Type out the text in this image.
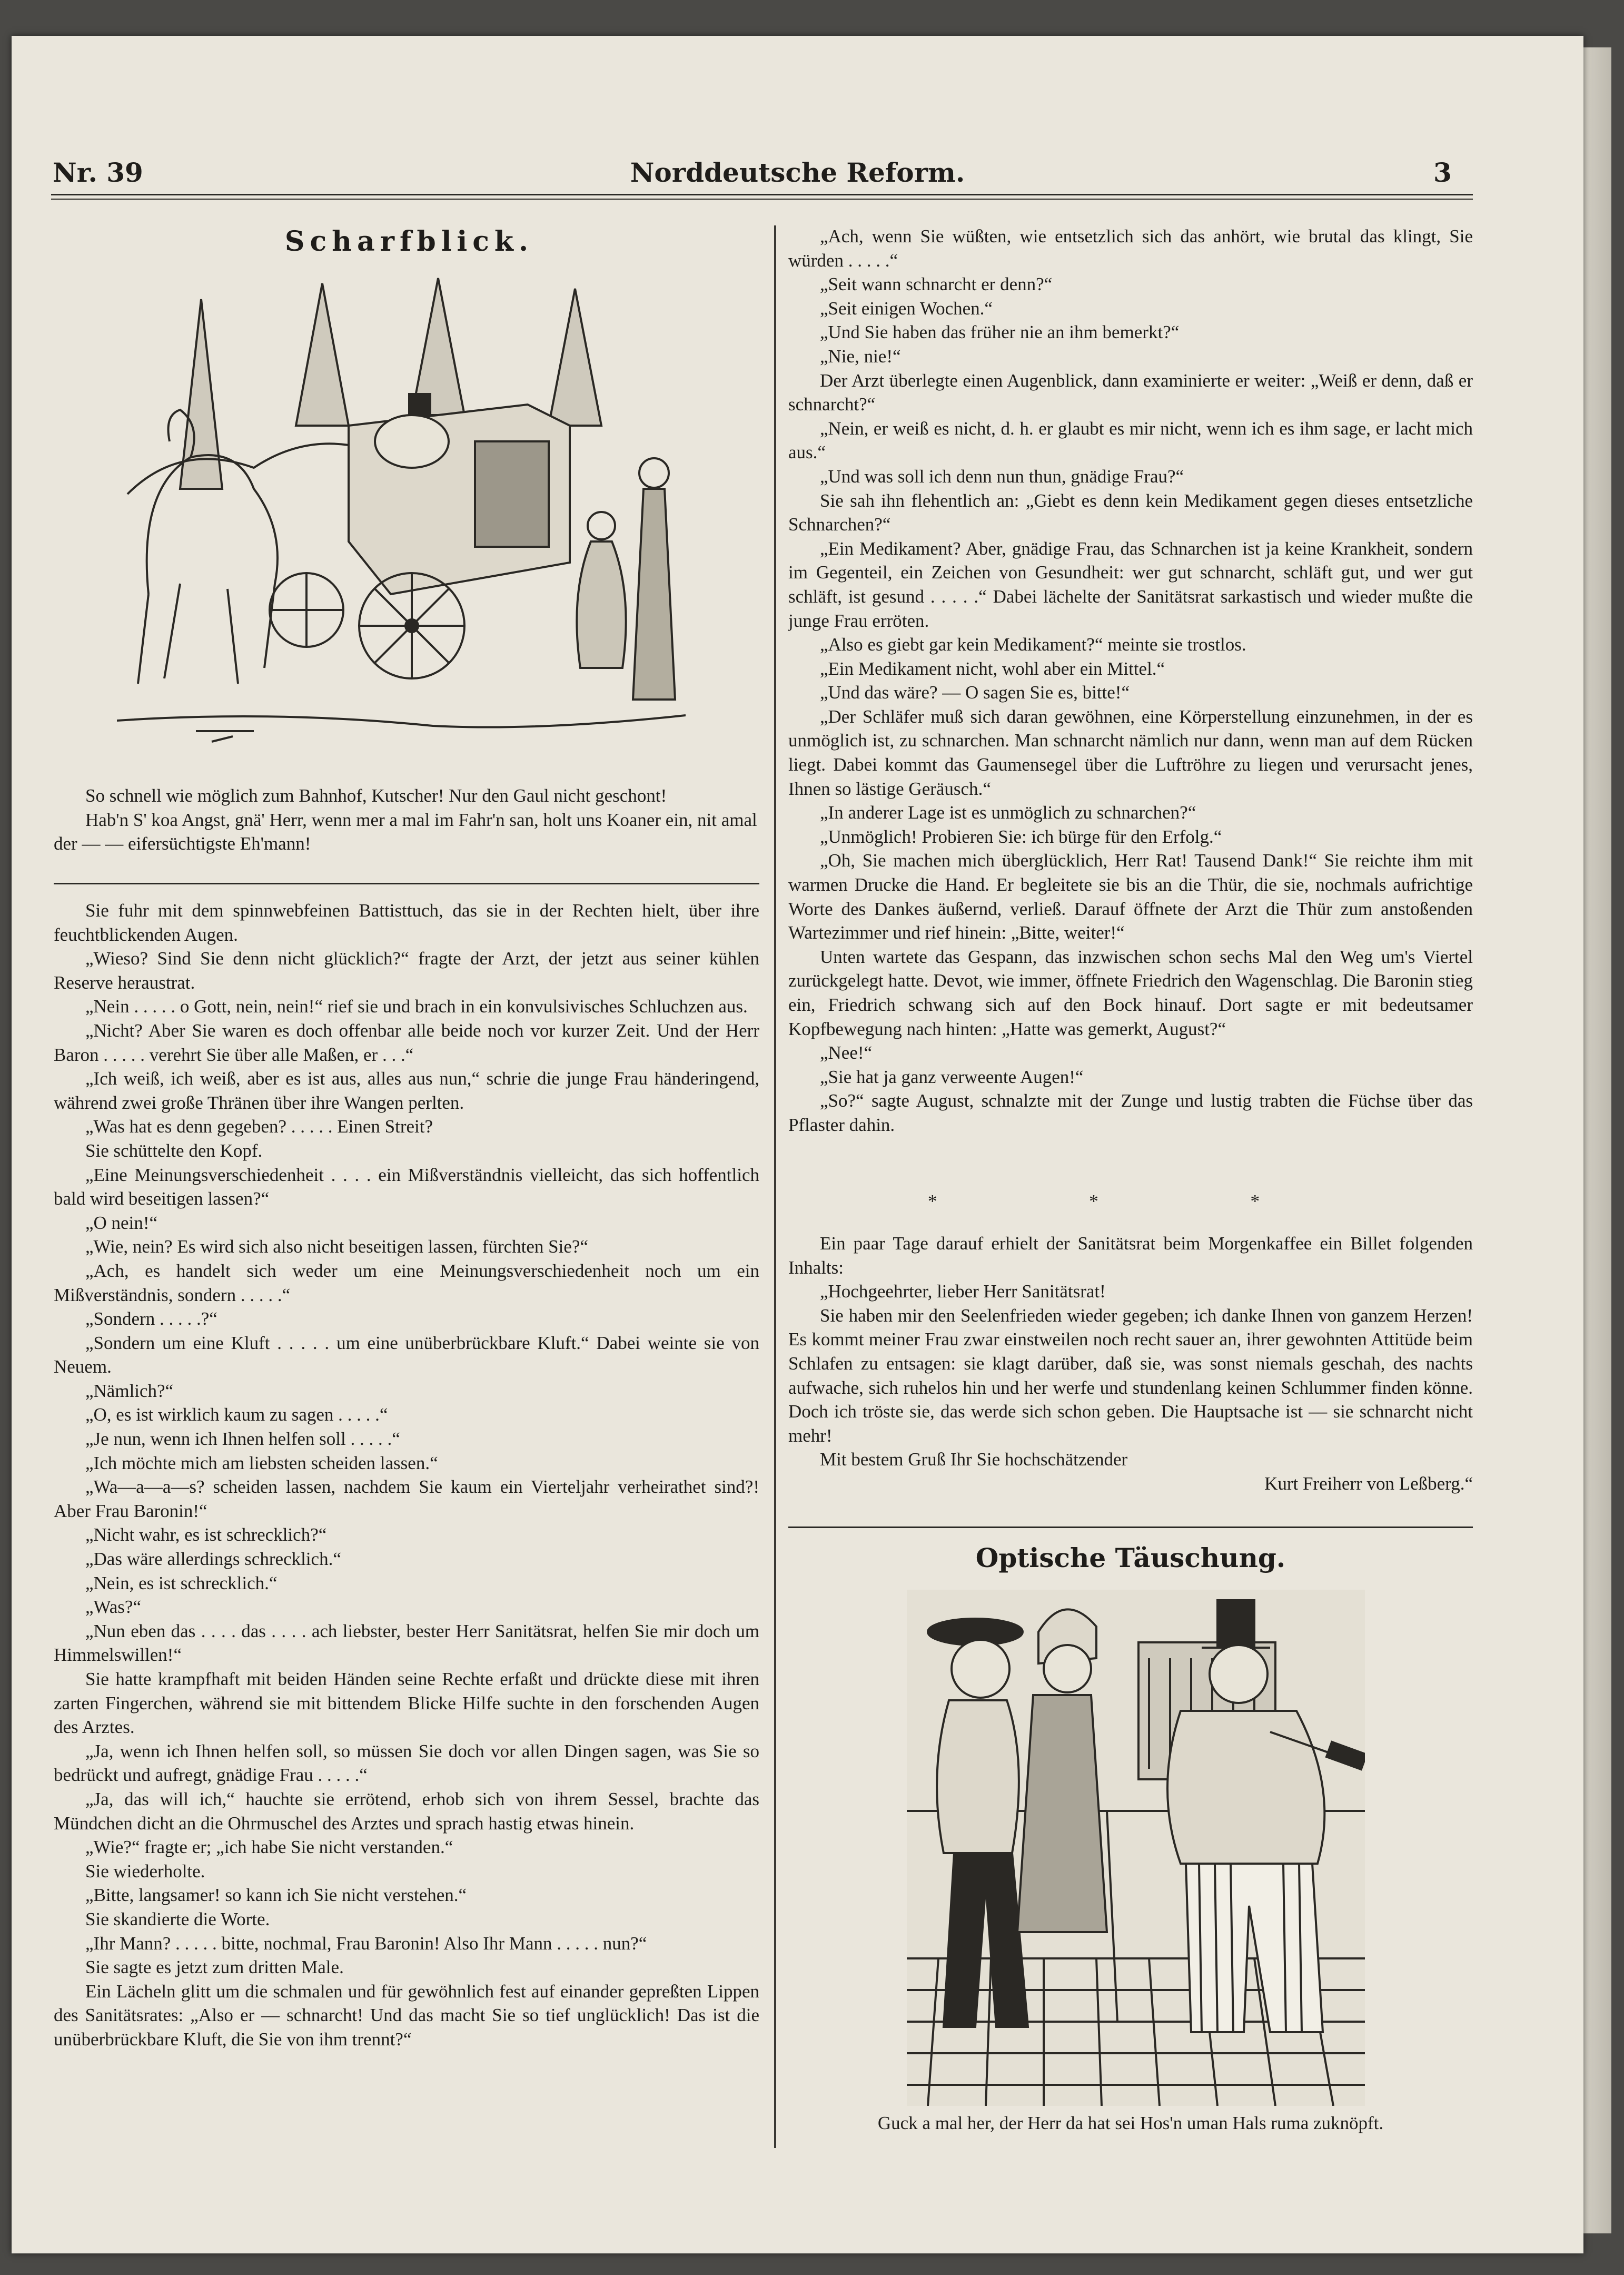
Nr. 39	Norddeutsche Reform.	3
Scharfblick.

So schnell wie möglich zum Bahnhof, Kutscher! Nur den Gaul nicht geschont!

Hab'n S' koa Angst, gnä' Herr, wenn mer a mal im Fahr'n san, holt uns Koaner ein, nit amal der — — eifersüchtigste Eh'mann!

Sie fuhr mit dem spinnwebfeinen Battisttuch, das sie in der Rechten hielt, über ihre feuchtblickenden Augen.

„Wieso? Sind Sie denn nicht glücklich?“ fragte der Arzt, der jetzt aus seiner kühlen Reserve heraustrat.

„Nein . . . . . o Gott, nein, nein!“ rief sie und brach in ein konvulsivisches Schluchzen aus.

„Nicht? Aber Sie waren es doch offenbar alle beide noch vor kurzer Zeit. Und der Herr Baron . . . . . verehrt Sie über alle Maßen, er . . .“

„Ich weiß, ich weiß, aber es ist aus, alles aus nun,“ schrie die junge Frau händeringend, während zwei große Thränen über ihre Wangen perlten.

„Was hat es denn gegeben? . . . . . Einen Streit?

Sie schüttelte den Kopf.

„Eine Meinungsverschiedenheit . . . . ein Mißverständnis vielleicht, das sich hoffentlich bald wird beseitigen lassen?“

„O nein!“

„Wie, nein? Es wird sich also nicht beseitigen lassen, fürchten Sie?“

„Ach, es handelt sich weder um eine Meinungsverschiedenheit noch um ein Mißverständnis, sondern . . . . .“

„Sondern . . . . .?“

„Sondern um eine Kluft . . . . . um eine unüberbrückbare Kluft.“ Dabei weinte sie von Neuem.

„Nämlich?“

„O, es ist wirklich kaum zu sagen . . . . .“

„Je nun, wenn ich Ihnen helfen soll . . . . .“

„Ich möchte mich am liebsten scheiden lassen.“

„Wa—a—a—s? scheiden lassen, nachdem Sie kaum ein Vierteljahr verheirathet sind?! Aber Frau Baronin!“

„Nicht wahr, es ist schrecklich?“

„Das wäre allerdings schrecklich.“

„Nein, es ist schrecklich.“

„Was?“

„Nun eben das . . . . das . . . . ach liebster, bester Herr Sanitätsrat, helfen Sie mir doch um Himmelswillen!“

Sie hatte krampfhaft mit beiden Händen seine Rechte erfaßt und drückte diese mit ihren zarten Fingerchen, während sie mit bittendem Blicke Hilfe suchte in den forschenden Augen des Arztes.

„Ja, wenn ich Ihnen helfen soll, so müssen Sie doch vor allen Dingen sagen, was Sie so bedrückt und aufregt, gnädige Frau . . . . .“

„Ja, das will ich,“ hauchte sie errötend, erhob sich von ihrem Sessel, brachte das Mündchen dicht an die Ohrmuschel des Arztes und sprach hastig etwas hinein.

„Wie?“ fragte er; „ich habe Sie nicht verstanden.“

Sie wiederholte.

„Bitte, langsamer! so kann ich Sie nicht verstehen.“

Sie skandierte die Worte.

„Ihr Mann? . . . . . bitte, nochmal, Frau Baronin! Also Ihr Mann . . . . . nun?“

Sie sagte es jetzt zum dritten Male.

Ein Lächeln glitt um die schmalen und für gewöhnlich fest auf einander gepreßten Lippen des Sanitätsrates: „Also er — schnarcht! Und das macht Sie so tief unglücklich! Das ist die unüberbrückbare Kluft, die Sie von ihm trennt?“

„Ach, wenn Sie wüßten, wie entsetzlich sich das anhört, wie brutal das klingt, Sie würden . . . . .“

„Seit wann schnarcht er denn?“

„Seit einigen Wochen.“

„Und Sie haben das früher nie an ihm bemerkt?“

„Nie, nie!“

Der Arzt überlegte einen Augenblick, dann examinierte er weiter: „Weiß er denn, daß er schnarcht?“

„Nein, er weiß es nicht, d. h. er glaubt es mir nicht, wenn ich es ihm sage, er lacht mich aus.“

„Und was soll ich denn nun thun, gnädige Frau?“

Sie sah ihn flehentlich an: „Giebt es denn kein Medikament gegen dieses entsetzliche Schnarchen?“

„Ein Medikament? Aber, gnädige Frau, das Schnarchen ist ja keine Krankheit, sondern im Gegenteil, ein Zeichen von Gesundheit: wer gut schnarcht, schläft gut, und wer gut schläft, ist gesund . . . . .“ Dabei lächelte der Sanitätsrat sarkastisch und wieder mußte die junge Frau erröten.

„Also es giebt gar kein Medikament?“ meinte sie trostlos.

„Ein Medikament nicht, wohl aber ein Mittel.“

„Und das wäre? — O sagen Sie es, bitte!“

„Der Schläfer muß sich daran gewöhnen, eine Körperstellung einzunehmen, in der es unmöglich ist, zu schnarchen. Man schnarcht nämlich nur dann, wenn man auf dem Rücken liegt. Dabei kommt das Gaumensegel über die Luftröhre zu liegen und verursacht jenes, Ihnen so lästige Geräusch.“

„In anderer Lage ist es unmöglich zu schnarchen?“

„Unmöglich! Probieren Sie: ich bürge für den Erfolg.“

„Oh, Sie machen mich überglücklich, Herr Rat! Tausend Dank!“ Sie reichte ihm mit warmen Drucke die Hand. Er begleitete sie bis an die Thür, die sie, nochmals aufrichtige Worte des Dankes äußernd, verließ. Darauf öffnete der Arzt die Thür zum anstoßenden Wartezimmer und rief hinein: „Bitte, weiter!“

Unten wartete das Gespann, das inzwischen schon sechs Mal den Weg um's Viertel zurückgelegt hatte. Devot, wie immer, öffnete Friedrich den Wagenschlag. Die Baronin stieg ein, Friedrich schwang sich auf den Bock hinauf. Dort sagte er mit bedeutsamer Kopfbewegung nach hinten: „Hatte was gemerkt, August?“

„Nee!“

„Sie hat ja ganz verweente Augen!“

„So?“ sagte August, schnalzte mit der Zunge und lustig trabten die Füchse über das Pflaster dahin.

* * *

Ein paar Tage darauf erhielt der Sanitätsrat beim Morgenkaffee ein Billet folgenden Inhalts:

„Hochgeehrter, lieber Herr Sanitätsrat!

Sie haben mir den Seelenfrieden wieder gegeben; ich danke Ihnen von ganzem Herzen! Es kommt meiner Frau zwar einstweilen noch recht sauer an, ihrer gewohnten Attitüde beim Schlafen zu entsagen: sie klagt darüber, daß sie, was sonst niemals geschah, des nachts aufwache, sich ruhelos hin und her werfe und stundenlang keinen Schlummer finden könne. Doch ich tröste sie, das werde sich schon geben. Die Hauptsache ist — sie schnarcht nicht mehr!

Mit bestem Gruß Ihr Sie hochschätzender

Kurt Freiherr von Leßberg.“

Optische Täuschung.
Guck a mal her, der Herr da hat sei Hos'n uman Hals rumа zuknöpft.
